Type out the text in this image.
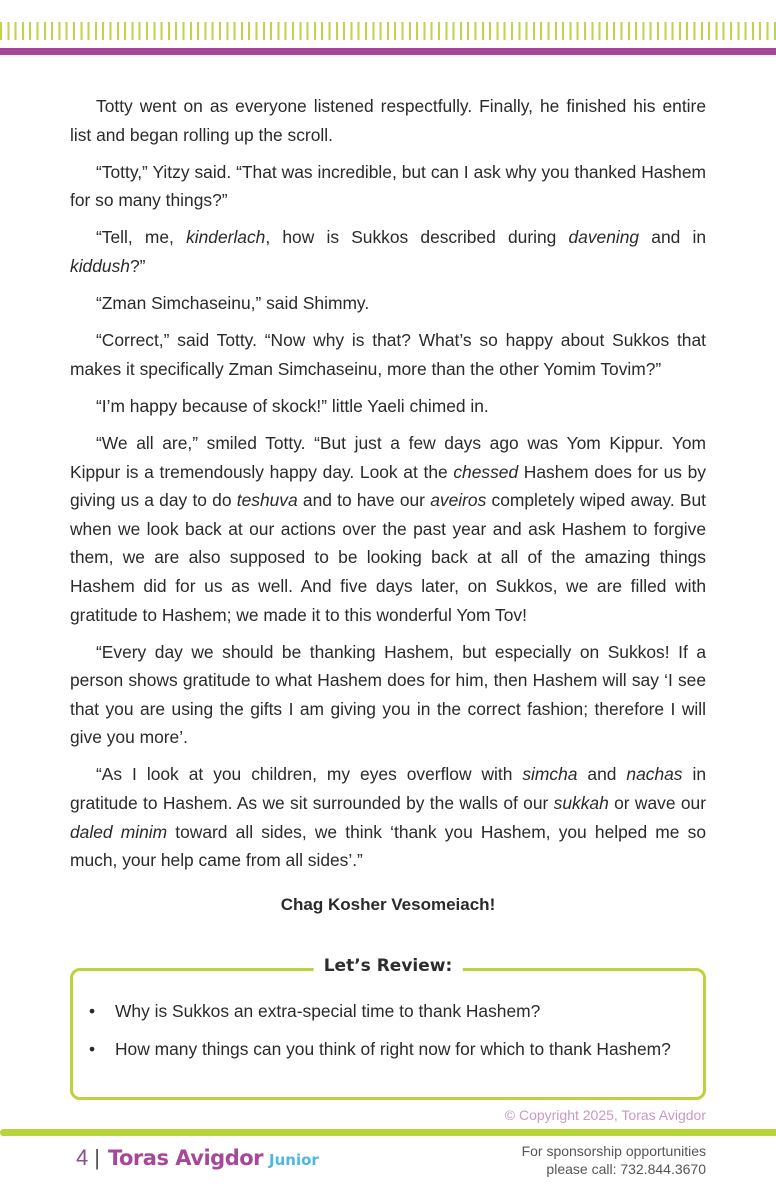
Totty went on as everyone listened respectfully. Finally, he finished his entire list and began rolling up the scroll.

“Totty,” Yitzy said. “That was incredible, but can I ask why you thanked Hashem for so many things?”

“Tell, me, kinderlach, how is Sukkos described during davening and in kiddush?”

“Zman Simchaseinu,” said Shimmy.

“Correct,” said Totty. “Now why is that? What’s so happy about Sukkos that makes it specifically Zman Simchaseinu, more than the other Yomim Tovim?”

“I’m happy because of skock!” little Yaeli chimed in.

“We all are,” smiled Totty. “But just a few days ago was Yom Kippur. Yom Kippur is a tremendously happy day. Look at the chessed Hashem does for us by giving us a day to do teshuva and to have our aveiros completely wiped away. But when we look back at our actions over the past year and ask Hashem to forgive them, we are also supposed to be looking back at all of the amazing things Hashem did for us as well. And five days later, on Sukkos, we are filled with gratitude to Hashem; we made it to this wonderful Yom Tov!

“Every day we should be thanking Hashem, but especially on Sukkos! If a person shows gratitude to what Hashem does for him, then Hashem will say ‘I see that you are using the gifts I am giving you in the correct fashion; therefore I will give you more’.

“As I look at you children, my eyes overflow with simcha and nachas in gratitude to Hashem. As we sit surrounded by the walls of our sukkah or wave our daled minim toward all sides, we think ‘thank you Hashem, you helped me so much, your help came from all sides’.”

Chag Kosher Vesomeiach!
Let’s Review:
• Why is Sukkos an extra-special time to thank Hashem?
• How many things can you think of right now for which to thank Hashem?
© Copyright 2025, Toras Avigdor
4 | Toras Avigdor Junior	For sponsorship opportunities
please call: 732.844.3670
